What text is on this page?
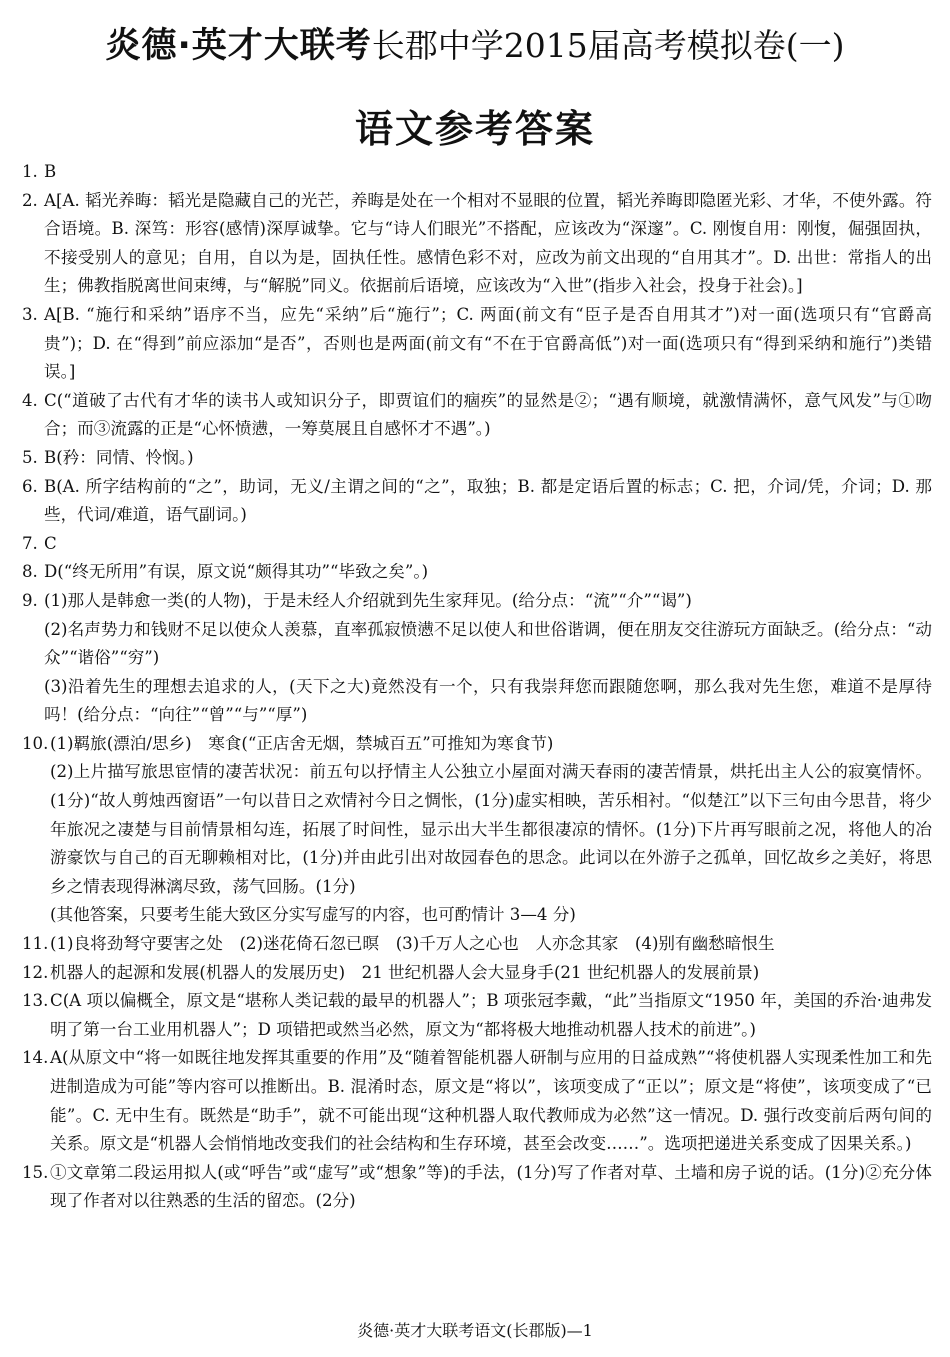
炎德·英才大联考长郡中学2015届高考模拟卷(一)
语文参考答案
1. B
2. A[A. 韬光养晦：韬光是隐藏自己的光芒，养晦是处在一个相对不显眼的位置，韬光养晦即隐匿光彩、才华，不使外露。符合语境。B. 深笃：形容(感情)深厚诚挚。它与“诗人们眼光”不搭配，应该改为“深邃”。C. 刚愎自用：刚愎，倔强固执，不接受别人的意见；自用，自以为是，固执任性。感情色彩不对，应改为前文出现的“自用其才”。D. 出世：常指人的出生；佛教指脱离世间束缚，与“解脱”同义。依据前后语境，应该改为“入世”(指步入社会，投身于社会)。]
3. A[B. “施行和采纳”语序不当，应先“采纳”后“施行”；C. 两面(前文有“臣子是否自用其才”)对一面(选项只有“官爵高贵”)；D. 在“得到”前应添加“是否”，否则也是两面(前文有“不在于官爵高低”)对一面(选项只有“得到采纳和施行”)类错误。]
4. C(“道破了古代有才华的读书人或知识分子，即贾谊们的痼疾”的显然是②；“遇有顺境，就激情满怀，意气风发”与①吻合；而③流露的正是“心怀愤懑，一筹莫展且自感怀才不遇”。)
5. B(矜：同情、怜悯。)
6. B(A. 所字结构前的“之”，助词，无义/主谓之间的“之”，取独；B. 都是定语后置的标志；C. 把，介词/凭，介词；D. 那些，代词/难道，语气副词。)
7. C
8. D(“终无所用”有误，原文说“颇得其功”“毕致之矣”。)
9. (1)那人是韩愈一类(的人物)，于是未经人介绍就到先生家拜见。(给分点：“流”“介”“谒”)
(2)名声势力和钱财不足以使众人羡慕，直率孤寂愤懑不足以使人和世俗谐调，便在朋友交往游玩方面缺乏。(给分点：“动众”“谐俗”“穷”)
(3)沿着先生的理想去追求的人，(天下之大)竟然没有一个，只有我崇拜您而跟随您啊，那么我对先生您，难道不是厚待吗！(给分点：“向往”“曾”“与”“厚”)
10. (1)羁旅(漂泊/思乡)　寒食(“正店舍无烟，禁城百五”可推知为寒食节)
(2)上片描写旅思宦情的凄苦状况：前五句以抒情主人公独立小屋面对满天春雨的凄苦情景，烘托出主人公的寂寞情怀。(1分)“故人剪烛西窗语”一句以昔日之欢情衬今日之惆怅，(1分)虚实相映，苦乐相衬。“似楚江”以下三句由今思昔，将少年旅况之凄楚与目前情景相勾连，拓展了时间性，显示出大半生都很凄凉的情怀。(1分)下片再写眼前之况，将他人的冶游豪饮与自己的百无聊赖相对比，(1分)并由此引出对故园春色的思念。此词以在外游子之孤单，回忆故乡之美好，将思乡之情表现得淋漓尽致，荡气回肠。(1分)
(其他答案，只要考生能大致区分实写虚写的内容，也可酌情计 3—4 分)
11. (1)良将劲弩守要害之处　(2)迷花倚石忽已暝　(3)千万人之心也　人亦念其家　(4)别有幽愁暗恨生
12. 机器人的起源和发展(机器人的发展历史)　21 世纪机器人会大显身手(21 世纪机器人的发展前景)
13. C(A 项以偏概全，原文是“堪称人类记载的最早的机器人”；B 项张冠李戴，“此”当指原文“1950 年，美国的乔治·迪弗发明了第一台工业用机器人”；D 项错把或然当必然，原文为“都将极大地推动机器人技术的前进”。)
14. A(从原文中“将一如既往地发挥其重要的作用”及“随着智能机器人研制与应用的日益成熟”“将使机器人实现柔性加工和先进制造成为可能”等内容可以推断出。B. 混淆时态，原文是“将以”，该项变成了“正以”；原文是“将使”，该项变成了“已能”。C. 无中生有。既然是“助手”，就不可能出现“这种机器人取代教师成为必然”这一情况。D. 强行改变前后两句间的关系。原文是“机器人会悄悄地改变我们的社会结构和生存环境，甚至会改变……”。选项把递进关系变成了因果关系。)
15. ①文章第二段运用拟人(或“呼告”或“虚写”或“想象”等)的手法，(1分)写了作者对草、土墙和房子说的话。(1分)②充分体现了作者对以往熟悉的生活的留恋。(2分)
炎德·英才大联考语文(长郡版)—1
